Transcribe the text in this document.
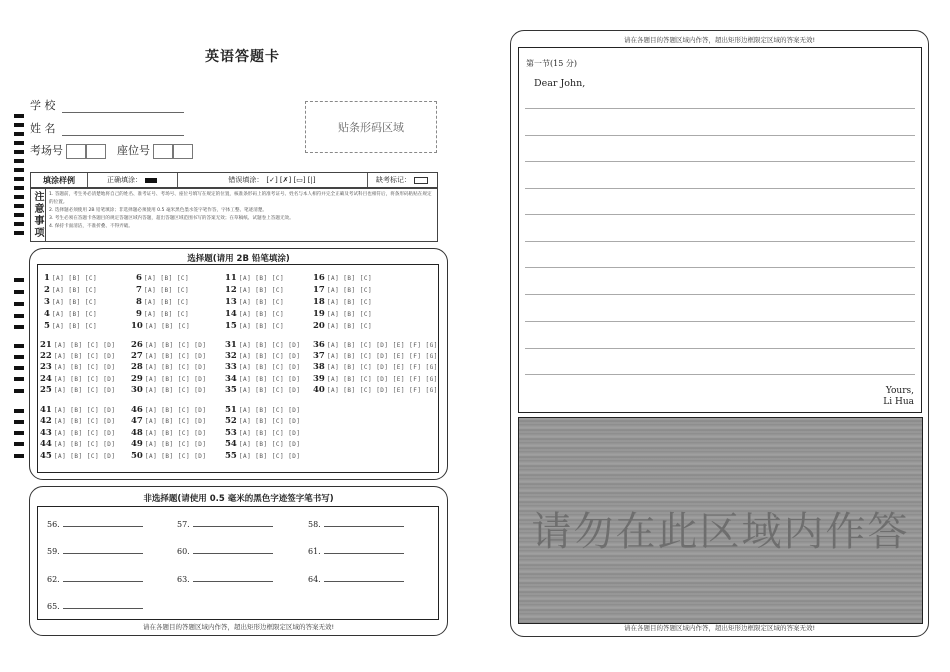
英语答题卡
学 校
姓 名
考场号	座位号
贴条形码区域
填涂样例	正确填涂：	错误填涂： [✓] [✗] [▭] [|]	缺考标记：
注意事项	1. 答题前，考生务必清楚地将自己的姓名、准考证号、考场号、座位号填写在规定的位置，核准条形码上的准考证号、姓名与本人相符并完全正确及考试科目也相符后，将条形码粘贴在规定的位置。
2. 选择题必须使用 2B 铅笔填涂；非选择题必须使用 0.5 毫米黑色墨水签字笔作答，字体工整、笔迹清楚。
3. 考生必须在答题卡各题目的规定答题区域内答题，超出答题区域范围书写的答案无效；在草稿纸、试题卷上答题无效。
4. 保持卡面清洁，不准折叠、不得弄破。
选择题(请用 2B 铅笔填涂)
1 [A] [B] [C]
2 [A] [B] [C]
3 [A] [B] [C]
4 [A] [B] [C]
5 [A] [B] [C]
21 [A] [B] [C] [D]
22 [A] [B] [C] [D]
23 [A] [B] [C] [D]
24 [A] [B] [C] [D]
25 [A] [B] [C] [D]
41 [A] [B] [C] [D]
42 [A] [B] [C] [D]
43 [A] [B] [C] [D]
44 [A] [B] [C] [D]
45 [A] [B] [C] [D]
6 [A] [B] [C]
7 [A] [B] [C]
8 [A] [B] [C]
9 [A] [B] [C]
10 [A] [B] [C]
26 [A] [B] [C] [D]
27 [A] [B] [C] [D]
28 [A] [B] [C] [D]
29 [A] [B] [C] [D]
30 [A] [B] [C] [D]
46 [A] [B] [C] [D]
47 [A] [B] [C] [D]
48 [A] [B] [C] [D]
49 [A] [B] [C] [D]
50 [A] [B] [C] [D]
11 [A] [B] [C]
12 [A] [B] [C]
13 [A] [B] [C]
14 [A] [B] [C]
15 [A] [B] [C]
31 [A] [B] [C] [D]
32 [A] [B] [C] [D]
33 [A] [B] [C] [D]
34 [A] [B] [C] [D]
35 [A] [B] [C] [D]
51 [A] [B] [C] [D]
52 [A] [B] [C] [D]
53 [A] [B] [C] [D]
54 [A] [B] [C] [D]
55 [A] [B] [C] [D]
16 [A] [B] [C]
17 [A] [B] [C]
18 [A] [B] [C]
19 [A] [B] [C]
20 [A] [B] [C]
36 [A] [B] [C] [D] [E] [F] [G]
37 [A] [B] [C] [D] [E] [F] [G]
38 [A] [B] [C] [D] [E] [F] [G]
39 [A] [B] [C] [D] [E] [F] [G]
40 [A] [B] [C] [D] [E] [F] [G]
非选择题(请使用 0.5 毫米的黑色字迹签字笔书写)
请在各题目的答题区域内作答，超出矩形边框限定区域的答案无效!
56.	57.	58.
59.	60.	61.
62.	63.	64.
65.
请在各题目的答题区域内作答，超出矩形边框限定区域的答案无效!
请在各题目的答题区域内作答，超出矩形边框限定区域的答案无效!
第一节(15 分)
Dear John,
Yours,
Li Hua
请勿在此区域内作答
